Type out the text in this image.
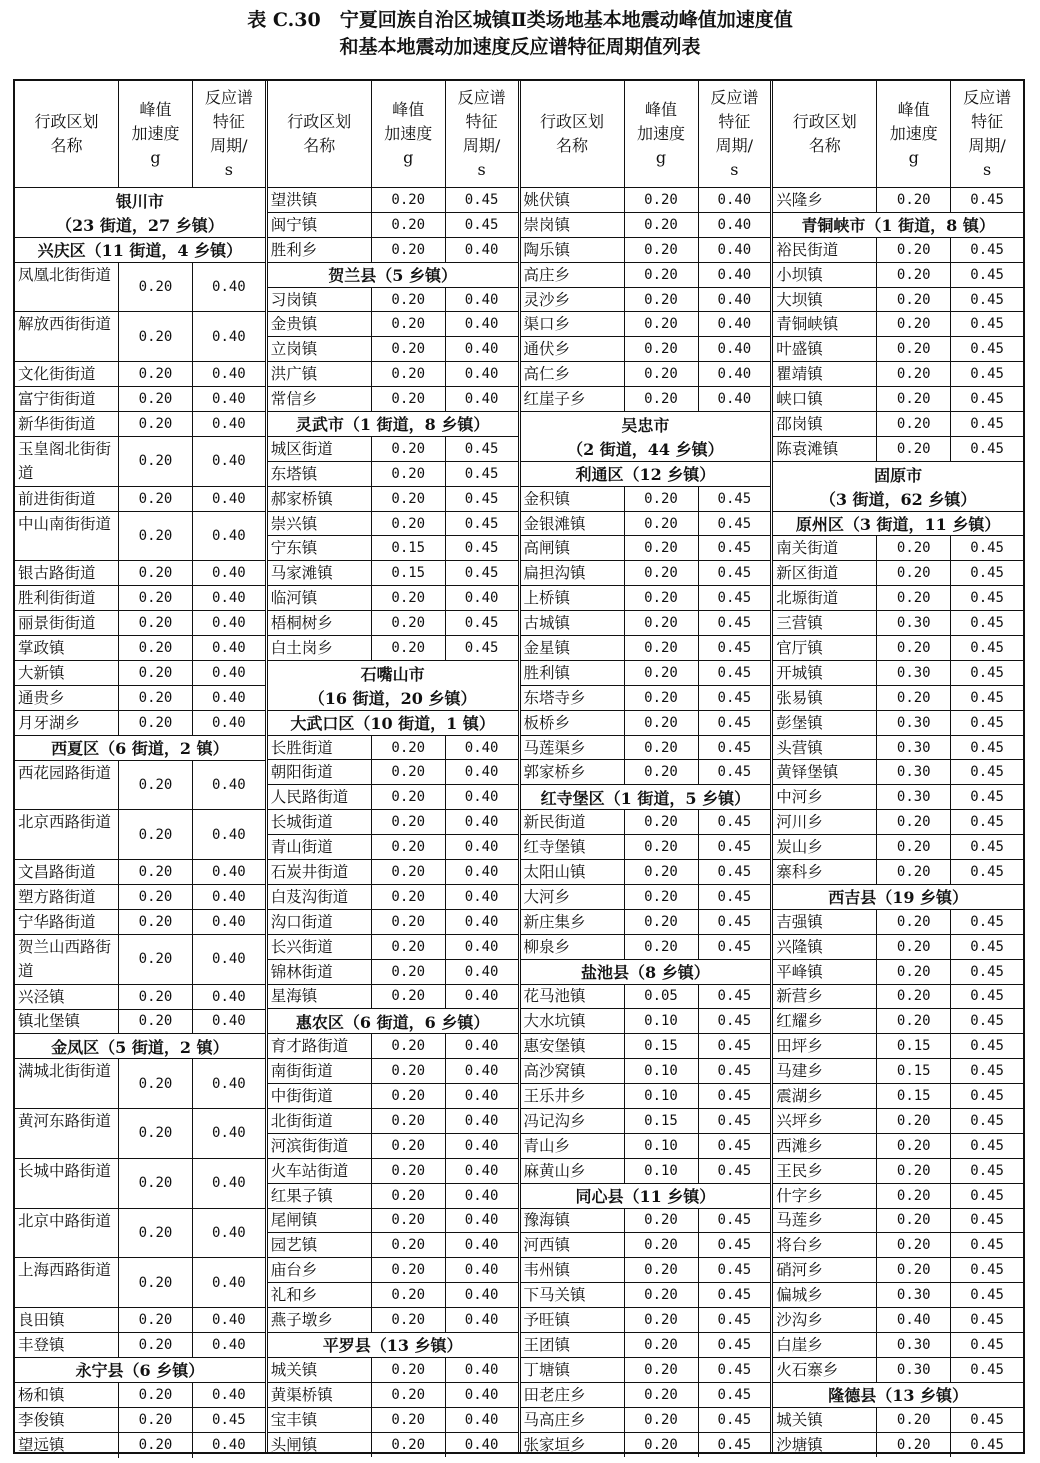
表 C.30　宁夏回族自治区城镇Ⅱ类场地基本地震动峰值加速度值
和基本地震动加速度反应谱特征周期值列表
行政区划
名称
峰值
加速度
g
反应谱
特征
周期/
s
银川市
（23 街道，27 乡镇）
兴庆区（11 街道，4 乡镇）
凤凰北街街道
0.20	0.40
解放西街街道
0.20	0.40
文化街街道	0.20	0.40
富宁街街道	0.20	0.40
新华街街道	0.20	0.40
玉皇阁北街街道
0.20	0.40
前进街街道	0.20	0.40
中山南街街道
0.20	0.40
银古路街道	0.20	0.40
胜利街街道	0.20	0.40
丽景街街道	0.20	0.40
掌政镇	0.20	0.40
大新镇	0.20	0.40
通贵乡	0.20	0.40
月牙湖乡	0.20	0.40
西夏区（6 街道，2 镇）
西花园路街道
0.20	0.40
北京西路街道
0.20	0.40
文昌路街道	0.20	0.40
塑方路街道	0.20	0.40
宁华路街道	0.20	0.40
贺兰山西路街道
0.20	0.40
兴泾镇	0.20	0.40
镇北堡镇	0.20	0.40
金凤区（5 街道，2 镇）
满城北街街道
0.20	0.40
黄河东路街道
0.20	0.40
长城中路街道
0.20	0.40
北京中路街道
0.20	0.40
上海西路街道
0.20	0.40
良田镇	0.20	0.40
丰登镇	0.20	0.40
永宁县（6 乡镇）
杨和镇	0.20	0.40
李俊镇	0.20	0.45
望远镇	0.20	0.40
行政区划
名称
峰值
加速度
g
反应谱
特征
周期/
s
望洪镇	0.20	0.45
闽宁镇	0.20	0.45
胜利乡	0.20	0.40
贺兰县（5 乡镇）
习岗镇	0.20	0.40
金贵镇	0.20	0.40
立岗镇	0.20	0.40
洪广镇	0.20	0.40
常信乡	0.20	0.40
灵武市（1 街道，8 乡镇）
城区街道	0.20	0.45
东塔镇	0.20	0.45
郝家桥镇	0.20	0.45
崇兴镇	0.20	0.45
宁东镇	0.15	0.45
马家滩镇	0.15	0.45
临河镇	0.20	0.40
梧桐树乡	0.20	0.45
白土岗乡	0.20	0.45
石嘴山市
（16 街道，20 乡镇）
大武口区（10 街道，1 镇）
长胜街道	0.20	0.40
朝阳街道	0.20	0.40
人民路街道	0.20	0.40
长城街道	0.20	0.40
青山街道	0.20	0.40
石炭井街道	0.20	0.40
白芨沟街道	0.20	0.40
沟口街道	0.20	0.40
长兴街道	0.20	0.40
锦林街道	0.20	0.40
星海镇	0.20	0.40
惠农区（6 街道，6 乡镇）
育才路街道	0.20	0.40
南街街道	0.20	0.40
中街街道	0.20	0.40
北街街道	0.20	0.40
河滨街街道	0.20	0.40
火车站街道	0.20	0.40
红果子镇	0.20	0.40
尾闸镇	0.20	0.40
园艺镇	0.20	0.40
庙台乡	0.20	0.40
礼和乡	0.20	0.40
燕子墩乡	0.20	0.40
平罗县（13 乡镇）
城关镇	0.20	0.40
黄渠桥镇	0.20	0.40
宝丰镇	0.20	0.40
头闸镇	0.20	0.40
行政区划
名称
峰值
加速度
g
反应谱
特征
周期/
s
姚伏镇	0.20	0.40
崇岗镇	0.20	0.40
陶乐镇	0.20	0.40
高庄乡	0.20	0.40
灵沙乡	0.20	0.40
渠口乡	0.20	0.40
通伏乡	0.20	0.40
高仁乡	0.20	0.40
红崖子乡	0.20	0.40
吴忠市
（2 街道，44 乡镇）
利通区（12 乡镇）
金积镇	0.20	0.45
金银滩镇	0.20	0.45
高闸镇	0.20	0.45
扁担沟镇	0.20	0.45
上桥镇	0.20	0.45
古城镇	0.20	0.45
金星镇	0.20	0.45
胜利镇	0.20	0.45
东塔寺乡	0.20	0.45
板桥乡	0.20	0.45
马莲渠乡	0.20	0.45
郭家桥乡	0.20	0.45
红寺堡区（1 街道，5 乡镇）
新民街道	0.20	0.45
红寺堡镇	0.20	0.45
太阳山镇	0.20	0.45
大河乡	0.20	0.45
新庄集乡	0.20	0.45
柳泉乡	0.20	0.45
盐池县（8 乡镇）
花马池镇	0.05	0.45
大水坑镇	0.10	0.45
惠安堡镇	0.15	0.45
高沙窝镇	0.10	0.45
王乐井乡	0.10	0.45
冯记沟乡	0.15	0.45
青山乡	0.10	0.45
麻黄山乡	0.10	0.45
同心县（11 乡镇）
豫海镇	0.20	0.45
河西镇	0.20	0.45
韦州镇	0.20	0.45
下马关镇	0.20	0.45
予旺镇	0.20	0.45
王团镇	0.20	0.45
丁塘镇	0.20	0.45
田老庄乡	0.20	0.45
马高庄乡	0.20	0.45
张家垣乡	0.20	0.45
行政区划
名称
峰值
加速度
g
反应谱
特征
周期/
s
兴隆乡	0.20	0.45
青铜峡市（1 街道，8 镇）
裕民街道	0.20	0.45
小坝镇	0.20	0.45
大坝镇	0.20	0.45
青铜峡镇	0.20	0.45
叶盛镇	0.20	0.45
瞿靖镇	0.20	0.45
峡口镇	0.20	0.45
邵岗镇	0.20	0.45
陈袁滩镇	0.20	0.45
固原市
（3 街道，62 乡镇）
原州区（3 街道，11 乡镇）
南关街道	0.20	0.45
新区街道	0.20	0.45
北塬街道	0.20	0.45
三营镇	0.30	0.45
官厅镇	0.20	0.45
开城镇	0.30	0.45
张易镇	0.20	0.45
彭堡镇	0.30	0.45
头营镇	0.30	0.45
黄铎堡镇	0.30	0.45
中河乡	0.30	0.45
河川乡	0.20	0.45
炭山乡	0.20	0.45
寨科乡	0.20	0.45
西吉县（19 乡镇）
吉强镇	0.20	0.45
兴隆镇	0.20	0.45
平峰镇	0.20	0.45
新营乡	0.20	0.45
红耀乡	0.20	0.45
田坪乡	0.15	0.45
马建乡	0.15	0.45
震湖乡	0.15	0.45
兴坪乡	0.20	0.45
西滩乡	0.20	0.45
王民乡	0.20	0.45
什字乡	0.20	0.45
马莲乡	0.20	0.45
将台乡	0.20	0.45
硝河乡	0.20	0.45
偏城乡	0.30	0.45
沙沟乡	0.40	0.45
白崖乡	0.30	0.45
火石寨乡	0.30	0.45
隆德县（13 乡镇）
城关镇	0.20	0.45
沙塘镇	0.20	0.45
